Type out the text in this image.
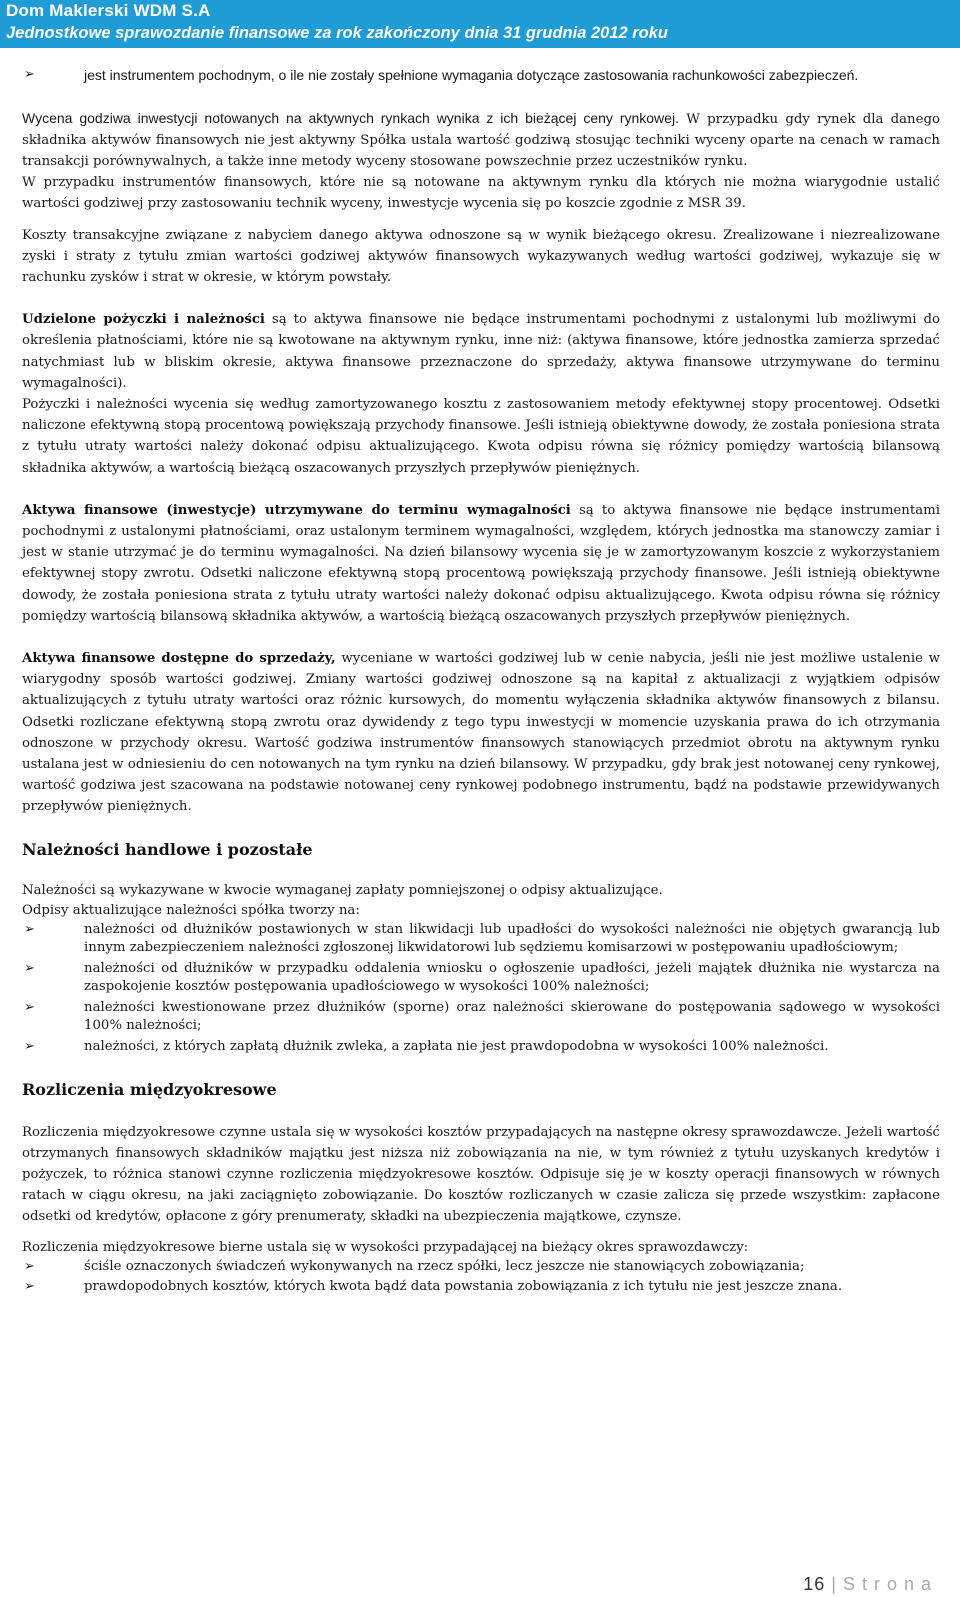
Dom Maklerski WDM S.A
Jednostkowe sprawozdanie finansowe za rok zakończony dnia 31 grudnia 2012 roku
➢	jest instrumentem pochodnym, o ile nie zostały spełnione wymagania dotyczące zastosowania rachunkowości zabezpieczeń.

Wycena godziwa inwestycji notowanych na aktywnych rynkach wynika z ich bieżącej ceny rynkowej. W przypadku gdy rynek dla danego składnika aktywów finansowych nie jest aktywny Spółka ustala wartość godziwą stosując techniki wyceny oparte na cenach w ramach transakcji porównywalnych, a także inne metody wyceny stosowane powszechnie przez uczestników rynku.

W przypadku instrumentów finansowych, które nie są notowane na aktywnym rynku dla których nie można wiarygodnie ustalić wartości godziwej przy zastosowaniu technik wyceny, inwestycje wycenia się po koszcie zgodnie z MSR 39.

Koszty transakcyjne związane z nabyciem danego aktywa odnoszone są w wynik bieżącego okresu. Zrealizowane i niezrealizowane zyski i straty z tytułu zmian wartości godziwej aktywów finansowych wykazywanych według wartości godziwej, wykazuje się w rachunku zysków i strat w okresie, w którym powstały.

Udzielone pożyczki i należności są to aktywa finansowe nie będące instrumentami pochodnymi z ustalonymi lub możliwymi do określenia płatnościami, które nie są kwotowane na aktywnym rynku, inne niż: (aktywa finansowe, które jednostka zamierza sprzedać natychmiast lub w bliskim okresie, aktywa finansowe przeznaczone do sprzedaży, aktywa finansowe utrzymywane do terminu wymagalności).

Pożyczki i należności wycenia się według zamortyzowanego kosztu z zastosowaniem metody efektywnej stopy procentowej. Odsetki naliczone efektywną stopą procentową powiększają przychody finansowe. Jeśli istnieją obiektywne dowody, że została poniesiona strata z tytułu utraty wartości należy dokonać odpisu aktualizującego. Kwota odpisu równa się różnicy pomiędzy wartością bilansową składnika aktywów, a wartością bieżącą oszacowanych przyszłych przepływów pieniężnych.

Aktywa finansowe (inwestycje) utrzymywane do terminu wymagalności są to aktywa finansowe nie będące instrumentami pochodnymi z ustalonymi płatnościami, oraz ustalonym terminem wymagalności, względem, których jednostka ma stanowczy zamiar i jest w stanie utrzymać je do terminu wymagalności. Na dzień bilansowy wycenia się je w zamortyzowanym koszcie z wykorzystaniem efektywnej stopy zwrotu. Odsetki naliczone efektywną stopą procentową powiększają przychody finansowe. Jeśli istnieją obiektywne dowody, że została poniesiona strata z tytułu utraty wartości należy dokonać odpisu aktualizującego. Kwota odpisu równa się różnicy pomiędzy wartością bilansową składnika aktywów, a wartością bieżącą oszacowanych przyszłych przepływów pieniężnych.

Aktywa finansowe dostępne do sprzedaży, wyceniane w wartości godziwej lub w cenie nabycia, jeśli nie jest możliwe ustalenie w wiarygodny sposób wartości godziwej. Zmiany wartości godziwej odnoszone są na kapitał z aktualizacji z wyjątkiem odpisów aktualizujących z tytułu utraty wartości oraz różnic kursowych, do momentu wyłączenia składnika aktywów finansowych z bilansu. Odsetki rozliczane efektywną stopą zwrotu oraz dywidendy z tego typu inwestycji w momencie uzyskania prawa do ich otrzymania odnoszone w przychody okresu. Wartość godziwa instrumentów finansowych stanowiących przedmiot obrotu na aktywnym rynku ustalana jest w odniesieniu do cen notowanych na tym rynku na dzień bilansowy. W przypadku, gdy brak jest notowanej ceny rynkowej, wartość godziwa jest szacowana na podstawie notowanej ceny rynkowej podobnego instrumentu, bądź na podstawie przewidywanych przepływów pieniężnych.

Należności handlowe i pozostałe

Należności są wykazywane w kwocie wymaganej zapłaty pomniejszonej o odpisy aktualizujące.

Odpisy aktualizujące należności spółka tworzy na:

➢	należności od dłużników postawionych w stan likwidacji lub upadłości do wysokości należności nie objętych gwarancją lub innym zabezpieczeniem należności zgłoszonej likwidatorowi lub sędziemu komisarzowi w postępowaniu upadłościowym;
➢	należności od dłużników w przypadku oddalenia wniosku o ogłoszenie upadłości, jeżeli majątek dłużnika nie wystarcza na zaspokojenie kosztów postępowania upadłościowego w wysokości 100% należności;
➢	należności kwestionowane przez dłużników (sporne) oraz należności skierowane do postępowania sądowego w wysokości 100% należności;
➢	należności, z których zapłatą dłużnik zwleka, a zapłata nie jest prawdopodobna w wysokości 100% należności.
Rozliczenia międzyokresowe

Rozliczenia międzyokresowe czynne ustala się w wysokości kosztów przypadających na następne okresy sprawozdawcze. Jeżeli wartość otrzymanych finansowych składników majątku jest niższa niż zobowiązania na nie, w tym również z tytułu uzyskanych kredytów i pożyczek, to różnica stanowi czynne rozliczenia międzyokresowe kosztów. Odpisuje się je w koszty operacji finansowych w równych ratach w ciągu okresu, na jaki zaciągnięto zobowiązanie. Do kosztów rozliczanych w czasie zalicza się przede wszystkim: zapłacone odsetki od kredytów, opłacone z góry prenumeraty, składki na ubezpieczenia majątkowe, czynsze.

Rozliczenia międzyokresowe bierne ustala się w wysokości przypadającej na bieżący okres sprawozdawczy:

➢	ściśle oznaczonych świadczeń wykonywanych na rzecz spółki, lecz jeszcze nie stanowiących zobowiązania;
➢	prawdopodobnych kosztów, których kwota bądź data powstania zobowiązania z ich tytułu nie jest jeszcze znana.
16 | Strona
